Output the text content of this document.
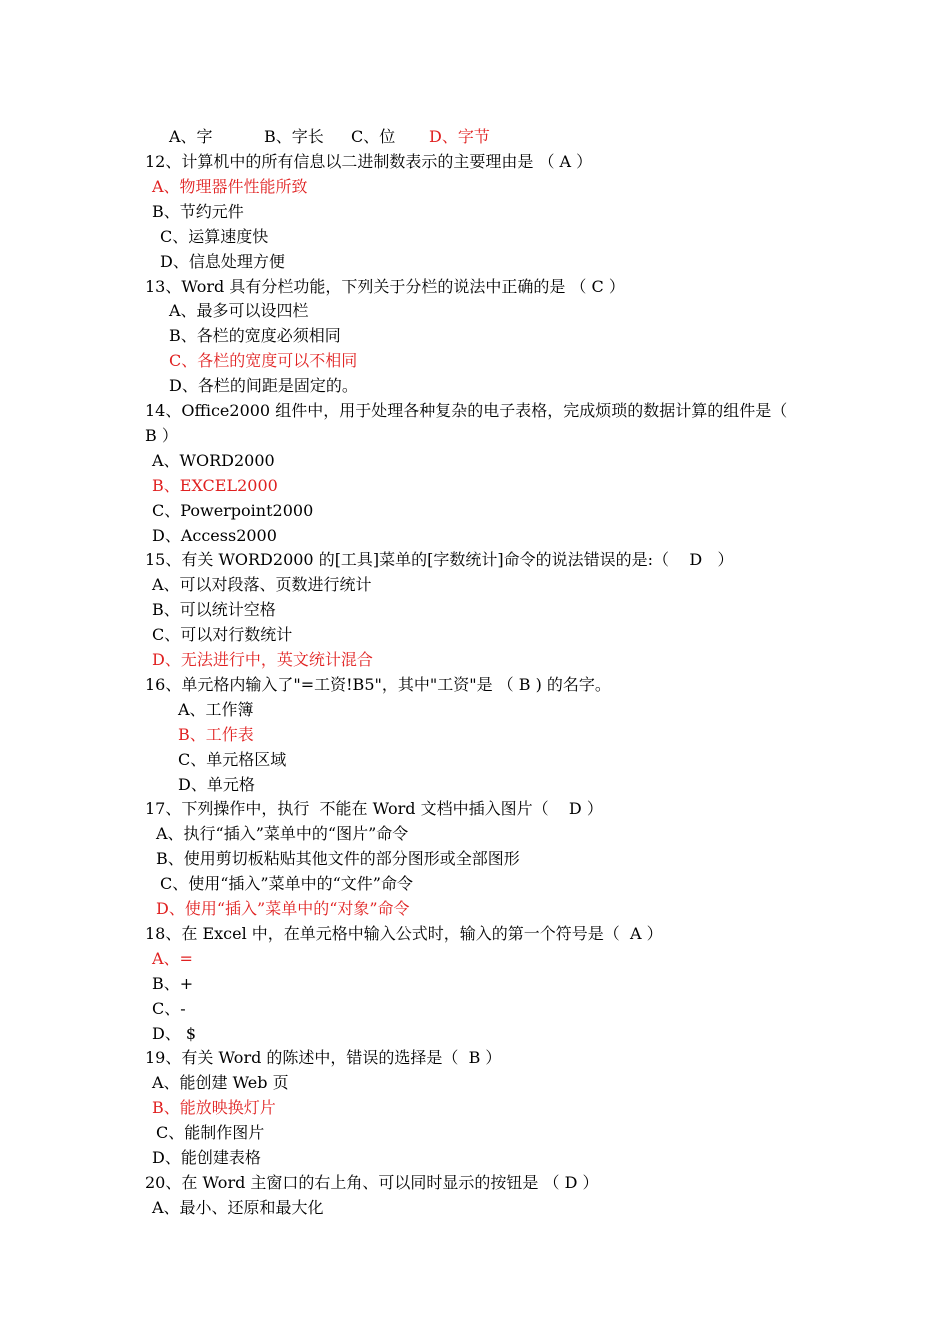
A、字	B、字长 C、位 D、字节
12、计算机中的所有信息以二进制数表示的主要理由是 （ A ）
A、物理器件性能所致
B、节约元件
C、运算速度快
D、信息处理方便
13、Word 具有分栏功能，下列关于分栏的说法中正确的是 （ C ）
A、最多可以设四栏
B、各栏的宽度必须相同
C、各栏的宽度可以不相同
D、各栏的间距是固定的。
14、Office2000 组件中，用于处理各种复杂的电子表格，完成烦琐的数据计算的组件是（
B ）
A、WORD2000
B、EXCEL2000
C、Powerpoint2000
D、Access2000
15、有关 WORD2000 的[工具]菜单的[字数统计]命令的说法错误的是:（    D   ）
A、可以对段落、页数进行统计
B、可以统计空格
C、可以对行数统计
D、无法进行中，英文统计混合
16、单元格内输入了"=工资!B5"，其中"工资"是 （ B ) 的名字。
A、工作簿
B、工作表
C、单元格区域
D、单元格
17、下列操作中，执行  不能在 Word 文档中插入图片（    D ）
A、执行“插入”菜单中的“图片”命令
B、使用剪切板粘贴其他文件的部分图形或全部图形
C、使用“插入”菜单中的“文件”命令
D、使用“插入”菜单中的“对象”命令
18、在 Excel 中，在单元格中输入公式时，输入的第一个符号是（  A ）
A、=
B、+
C、-
D、 $
19、有关 Word 的陈述中，错误的选择是（  B ）
A、能创建 Web 页
B、能放映换灯片
C、能制作图片
D、能创建表格
20、在 Word 主窗口的右上角、可以同时显示的按钮是 （ D ）
A、最小、还原和最大化
